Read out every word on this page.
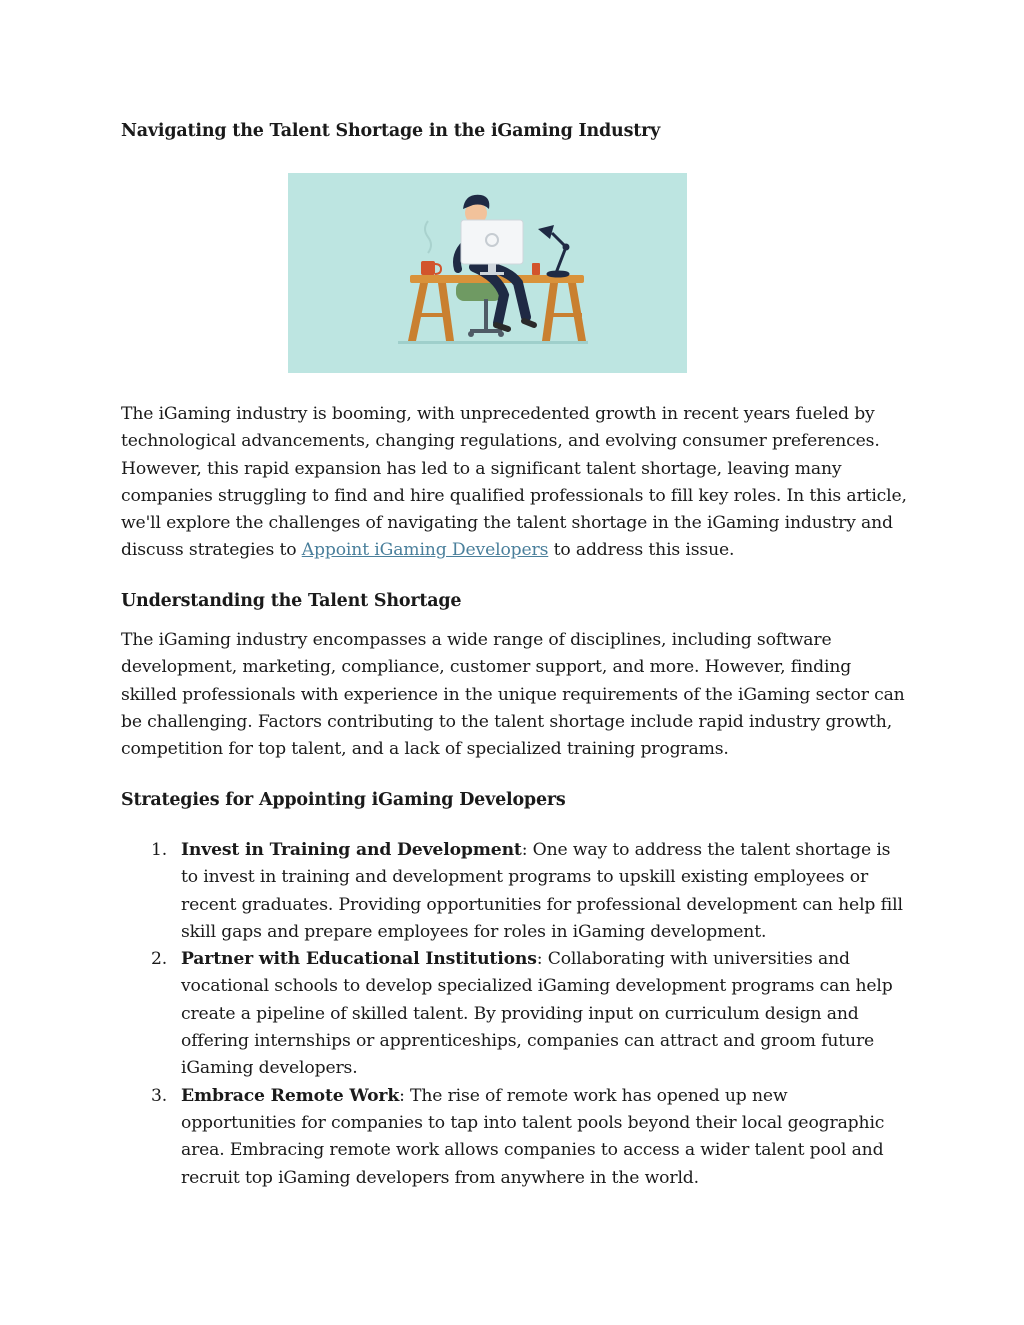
Navigating the Talent Shortage in the iGaming Industry

The iGaming industry is booming, with unprecedented growth in recent years fueled by technological advancements, changing regulations, and evolving consumer preferences. However, this rapid expansion has led to a significant talent shortage, leaving many companies struggling to find and hire qualified professionals to fill key roles. In this article, we'll explore the challenges of navigating the talent shortage in the iGaming industry and discuss strategies to Appoint iGaming Developers to address this issue.

Understanding the Talent Shortage

The iGaming industry encompasses a wide range of disciplines, including software development, marketing, compliance, customer support, and more. However, finding skilled professionals with experience in the unique requirements of the iGaming sector can be challenging. Factors contributing to the talent shortage include rapid industry growth, competition for top talent, and a lack of specialized training programs.

Strategies for Appointing iGaming Developers
1. Invest in Training and Development: One way to address the talent shortage is to invest in training and development programs to upskill existing employees or recent graduates. Providing opportunities for professional development can help fill skill gaps and prepare employees for roles in iGaming development.
2. Partner with Educational Institutions: Collaborating with universities and vocational schools to develop specialized iGaming development programs can help create a pipeline of skilled talent. By providing input on curriculum design and offering internships or apprenticeships, companies can attract and groom future iGaming developers.
3. Embrace Remote Work: The rise of remote work has opened up new opportunities for companies to tap into talent pools beyond their local geographic area. Embracing remote work allows companies to access a wider talent pool and recruit top iGaming developers from anywhere in the world.
